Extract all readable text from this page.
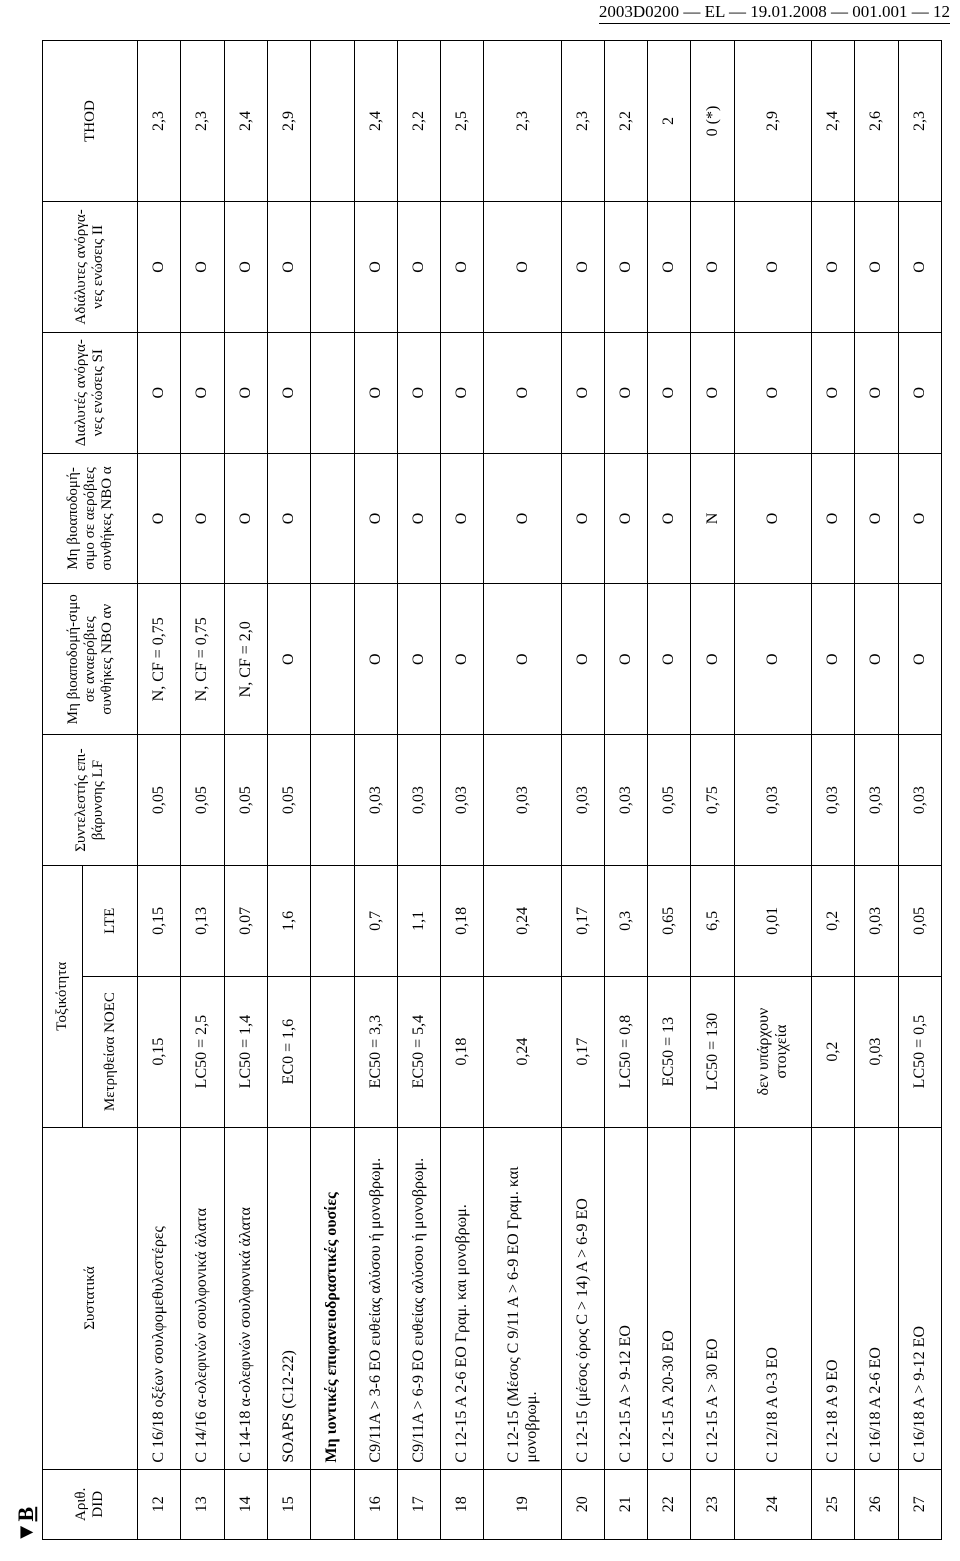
2003D0200 — EL — 19.01.2008 — 001.001 — 12
▼B Αριθ. DID	Συστατικά	Τοξικότητα		Συντελεστής επι-βάρυνσης LF	Μη βιοαποδομή-σιμο σε αναερόβιες συνθήκες NBO αν	Μη βιοαποδομή-σιμο σε αερόβιες συνθήκες NBO α	Διαλυτές ανόργα-νες ενώσεις SI	Αδιάλυτες ανόργα-νες ενώσεις II	THOD
		Μετρηθείσα NOEC	LTE						
12	C 16/18 οξέων σουλφομεθυλεστέρες	0,15	0,15	0,05	N, CF = 0,75	O	O	O	2,3
13	C 14/16 α-ολεφινών σουλφονικά άλατα	LC50 = 2,5	0,13	0,05	N, CF = 0,75	O	O	O	2,3
14	C 14-18 α-ολεφινών σουλφονικά άλατα	LC50 = 1,4	0,07	0,05	N, CF = 2,0	O	O	O	2,4
15	SOAPS (C12-22)	EC0 = 1,6	1,6	0,05	O	O	O	O	2,9
	Μη ιοντικές επιφανειοδραστικές ουσίες								
16	C9/11A > 3-6 EO ευθείας αλύσου ή μονοβρωμ.	EC50 = 3,3	0,7	0,03	O	O	O	O	2,4
17	C9/11A > 6-9 EO ευθείας αλύσου ή μονοβρωμ.	EC50 = 5,4	1,1	0,03	O	O	O	O	2,2
18	C 12-15 A 2-6 EO Γραμ. και μονοβρωμ.	0,18	0,18	0,03	O	O	O	O	2,5
19	C 12-15 (Μέσος C 9/11 A > 6-9 EO Γραμ. και μονοβρωμ.	0,24	0,24	0,03	O	O	O	O	2,3
20	C 12-15 (μέσος όρος C > 14) A > 6-9 EO	0,17	0,17	0,03	O	O	O	O	2,3
21	C 12-15 A > 9-12 EO	LC50 = 0,8	0,3	0,03	O	O	O	O	2,2
22	C 12-15 A 20-30 EO	EC50 = 13	0,65	0,05	O	O	O	O	2
23	C 12-15 A > 30 EO	LC50 = 130	6,5	0,75	O	N	O	O	0 (*)
24	C 12/18 A 0-3 EO	δεν υπάρχουν στοιχεία	0,01	0,03	O	O	O	O	2,9
25	C 12-18 A 9 EO	0,2	0,2	0,03	O	O	O	O	2,4
26	C 16/18 A 2-6 EO	0,03	0,03	0,03	O	O	O	O	2,6
27	C 16/18 A > 9-12 EO	LC50 = 0,5	0,05	0,03	O	O	O	O	2,3
